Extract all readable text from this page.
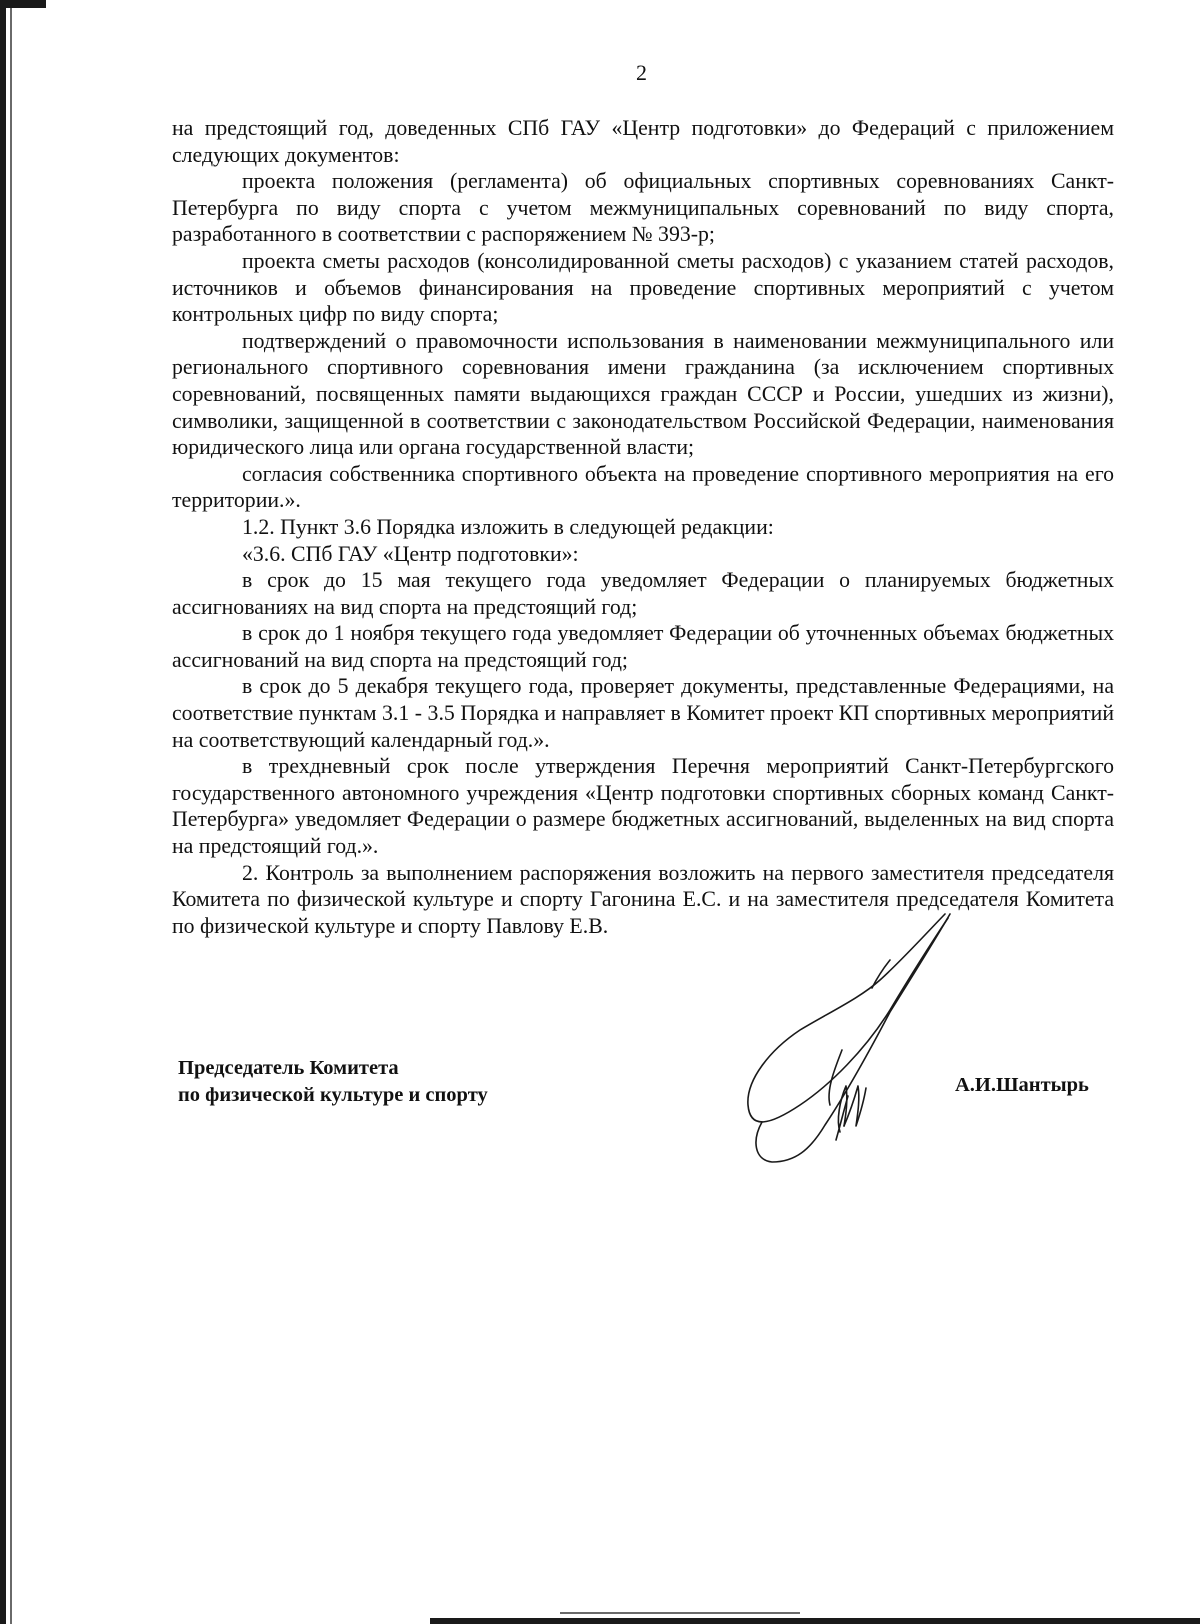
2

на предстоящий год, доведенных СПб ГАУ «Центр подготовки» до Федераций с приложением следующих документов:

проекта положения (регламента) об официальных спортивных соревнованиях Санкт-Петербурга по виду спорта с учетом межмуниципальных соревнований по виду спорта, разработанного в соответствии с распоряжением № 393-р;

проекта сметы расходов (консолидированной сметы расходов) с указанием статей расходов, источников и объемов финансирования на проведение спортивных мероприятий с учетом контрольных цифр по виду спорта;

подтверждений о правомочности использования в наименовании межмуниципального или регионального спортивного соревнования имени гражданина (за исключением спортивных соревнований, посвященных памяти выдающихся граждан СССР и России, ушедших из жизни), символики, защищенной в соответствии с законодательством Российской Федерации, наименования юридического лица или органа государственной власти;

согласия собственника спортивного объекта на проведение спортивного мероприятия на его территории.».

1.2. Пункт 3.6 Порядка изложить в следующей редакции:

«3.6. СПб ГАУ «Центр подготовки»:

в срок до 15 мая текущего года уведомляет Федерации о планируемых бюджетных ассигнованиях на вид спорта на предстоящий год;

в срок до 1 ноября текущего года уведомляет Федерации об уточненных объемах бюджетных ассигнований на вид спорта на предстоящий год;

в срок до 5 декабря текущего года, проверяет документы, представленные Федерациями, на соответствие пунктам 3.1 - 3.5 Порядка и направляет в Комитет проект КП спортивных мероприятий на соответствующий календарный год.».

в трехдневный срок после утверждения Перечня мероприятий Санкт-Петербургского государственного автономного учреждения «Центр подготовки спортивных сборных команд Санкт-Петербурга» уведомляет Федерации о размере бюджетных ассигнований, выделенных на вид спорта на предстоящий год.».

2. Контроль за выполнением распоряжения возложить на первого заместителя председателя Комитета по физической культуре и спорту Гагонина Е.С. и на заместителя председателя Комитета по физической культуре и спорту Павлову Е.В.

Председатель Комитета
по физической культуре и спорту	А.И.Шантырь
